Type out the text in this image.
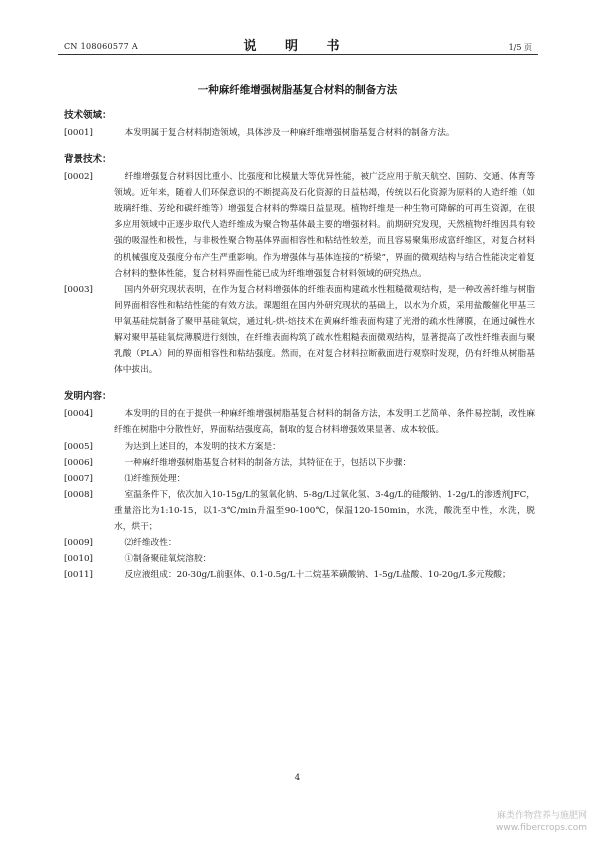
CN 108060577 A	说 明 书	1/5 页
一种麻纤维增强树脂基复合材料的制备方法
技术领域：

[0001]	本发明属于复合材料制造领域，具体涉及一种麻纤维增强树脂基复合材料的制备方法。

背景技术：

[0002]	纤维增强复合材料因比重小、比强度和比模量大等优异性能，被广泛应用于航天航空、国防、交通、体育等领域。近年来，随着人们环保意识的不断提高及石化资源的日益枯竭，传统以石化资源为原料的人造纤维（如玻璃纤维、芳纶和碳纤维等）增强复合材料的弊端日益显现。植物纤维是一种生物可降解的可再生资源，在很多应用领域中正逐步取代人造纤维成为聚合物基体最主要的增强材料。前期研究发现，天然植物纤维因具有较强的吸湿性和极性，与非极性聚合物基体界面相容性和粘结性较差，而且容易聚集形成富纤维区，对复合材料的机械强度及强度分布产生严重影响。作为增强体与基体连接的“桥梁”，界面的微观结构与结合性能决定着复合材料的整体性能，复合材料界面性能已成为纤维增强复合材料领域的研究热点。

[0003]	国内外研究现状表明，在作为复合材料增强体的纤维表面构建疏水性粗糙微观结构，是一种改善纤维与树脂间界面相容性和粘结性能的有效方法。课题组在国内外研究现状的基础上，以水为介质，采用盐酸催化甲基三甲氧基硅烷制备了聚甲基硅氧烷，通过轧-烘-焙技术在黄麻纤维表面构建了光滑的疏水性薄膜，在通过碱性水解对聚甲基硅氧烷薄膜进行刻蚀，在纤维表面构筑了疏水性粗糙表面微观结构，显著提高了改性纤维表面与聚乳酸（PLA）间的界面相容性和粘结强度。然而，在对复合材料拉断截面进行观察时发现，仍有纤维从树脂基体中拔出。

发明内容：

[0004]	本发明的目的在于提供一种麻纤维增强树脂基复合材料的制备方法，本发明工艺简单、条件易控制，改性麻纤维在树脂中分散性好，界面粘结强度高，制取的复合材料增强效果显著、成本较低。

[0005]	为达到上述目的，本发明的技术方案是：

[0006]	一种麻纤维增强树脂基复合材料的制备方法，其特征在于，包括以下步骤：

[0007]	⑴纤维预处理：

[0008]	室温条件下，依次加入10-15g/L的氢氧化钠、5-8g/L过氧化氢、3-4g/L的硅酸钠、1-2g/L的渗透剂JFC，重量浴比为1:10-15，以1-3℃/min升温至90-100℃，保温120-150min，水洗，酸洗至中性，水洗，脱水，烘干；

[0009]	⑵纤维改性：

[0010]	①制备聚硅氧烷溶胶：

[0011]	反应液组成：20-30g/L前驱体、0.1-0.5g/L十二烷基苯磺酸钠、1-5g/L盐酸、10-20g/L多元羧酸；

4
麻类作物营养与施肥网
www.fibercrops.com
